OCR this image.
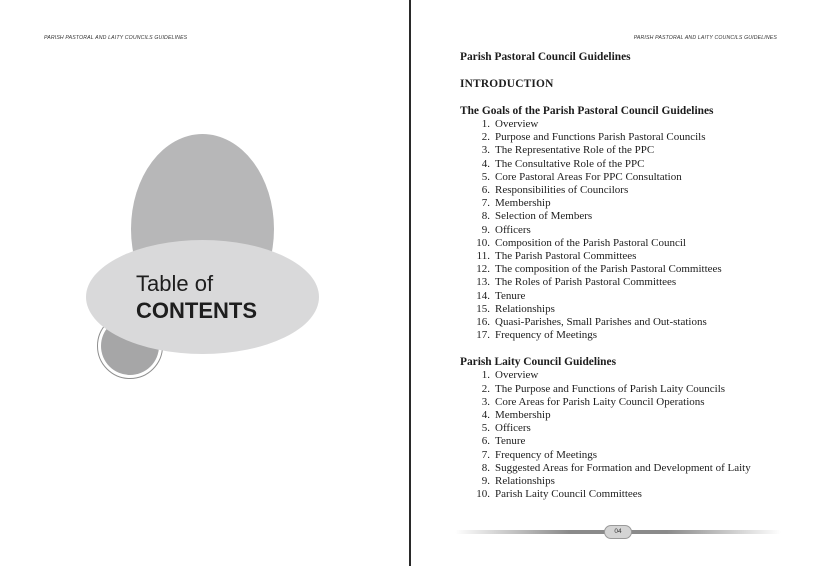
PARISH PASTORAL AND LAITY COUNCILS GUIDELINES
Table of
CONTENTS
PARISH PASTORAL AND LAITY COUNCILS GUIDELINES
Parish Pastoral Council Guidelines
INTRODUCTION
The Goals of the Parish Pastoral Council Guidelines
1. Overview
2. Purpose and Functions Parish Pastoral Councils
3. The Representative Role of the PPC
4. The Consultative Role of the PPC
5. Core Pastoral Areas For PPC Consultation
6. Responsibilities of Councilors
7. Membership
8. Selection of Members
9. Officers
10. Composition of the Parish Pastoral Council
11. The Parish Pastoral Committees
12. The composition of the Parish Pastoral Committees
13. The Roles of Parish Pastoral Committees
14. Tenure
15. Relationships
16. Quasi-Parishes, Small Parishes and Out-stations
17. Frequency of Meetings
Parish Laity Council Guidelines
1. Overview
2. The Purpose and Functions of Parish Laity Councils
3. Core Areas for Parish Laity Council Operations
4. Membership
5. Officers
6. Tenure
7. Frequency of Meetings
8. Suggested Areas for Formation and Development of Laity
9. Relationships
10. Parish Laity Council Committees
04
